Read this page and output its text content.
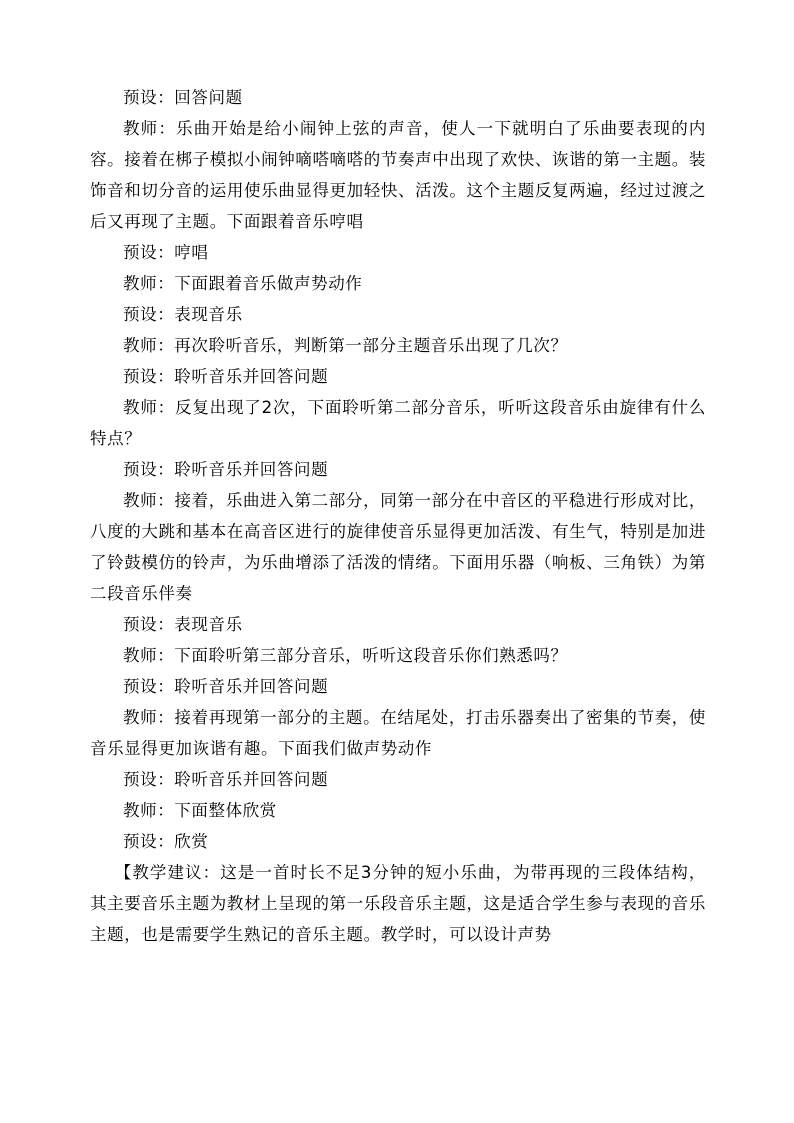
预设：回答问题

教师：乐曲开始是给小闹钟上弦的声音，使人一下就明白了乐曲要表现的内容。接着在梆子模拟小闹钟嘀嗒嘀嗒的节奏声中出现了欢快、诙谐的第一主题。装饰音和切分音的运用使乐曲显得更加轻快、活泼。这个主题反复两遍，经过过渡之后又再现了主题。下面跟着音乐哼唱

预设：哼唱

教师：下面跟着音乐做声势动作

预设：表现音乐

教师：再次聆听音乐，判断第一部分主题音乐出现了几次？

预设：聆听音乐并回答问题

教师：反复出现了2次，下面聆听第二部分音乐，听听这段音乐由旋律有什么特点？

预设：聆听音乐并回答问题

教师：接着，乐曲进入第二部分，同第一部分在中音区的平稳进行形成对比，八度的大跳和基本在高音区进行的旋律使音乐显得更加活泼、有生气，特别是加进了铃鼓模仿的铃声，为乐曲增添了活泼的情绪。下面用乐器（响板、三角铁）为第二段音乐伴奏

预设：表现音乐

教师：下面聆听第三部分音乐，听听这段音乐你们熟悉吗？

预设：聆听音乐并回答问题

教师：接着再现第一部分的主题。在结尾处，打击乐器奏出了密集的节奏，使音乐显得更加诙谐有趣。下面我们做声势动作

预设：聆听音乐并回答问题

教师：下面整体欣赏

预设：欣赏

【教学建议：这是一首时长不足3分钟的短小乐曲，为带再现的三段体结构，其主要音乐主题为教材上呈现的第一乐段音乐主题，这是适合学生参与表现的音乐主题，也是需要学生熟记的音乐主题。教学时，可以设计声势
